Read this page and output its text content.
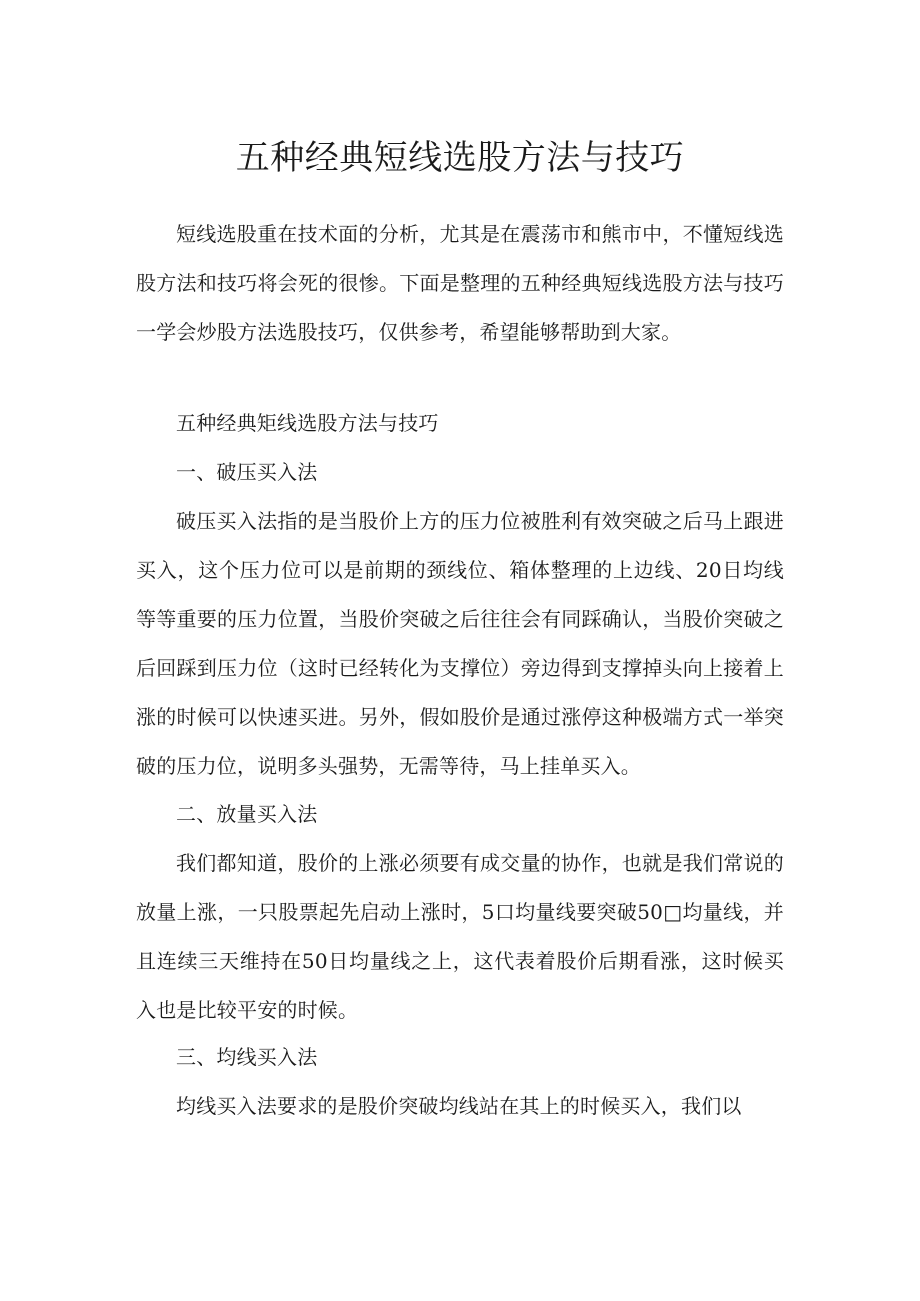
五种经典短线选股方法与技巧

短线选股重在技术面的分析，尤其是在震荡市和熊市中，不懂短线选股方法和技巧将会死的很惨。下面是整理的五种经典短线选股方法与技巧一学会炒股方法选股技巧，仅供参考，希望能够帮助到大家。

五种经典矩线选股方法与技巧

一、破压买入法

破压买入法指的是当股价上方的压力位被胜利有效突破之后马上跟进买入，这个压力位可以是前期的颈线位、箱体整理的上边线、20日均线等等重要的压力位置，当股价突破之后往往会有同踩确认，当股价突破之后回踩到压力位（这时已经转化为支撑位）旁边得到支撑掉头向上接着上涨的时候可以快速买进。另外，假如股价是通过涨停这种极端方式一举突破的压力位，说明多头强势，无需等待，马上挂单买入。

二、放量买入法

我们都知道，股价的上涨必须要有成交量的协作，也就是我们常说的放量上涨，一只股票起先启动上涨时，5口均量线要突破50□均量线，并且连续三天维持在50日均量线之上，这代表着股价后期看涨，这时候买入也是比较平安的时候。

三、均线买入法

均线买入法要求的是股价突破均线站在其上的时候买入，我们以
